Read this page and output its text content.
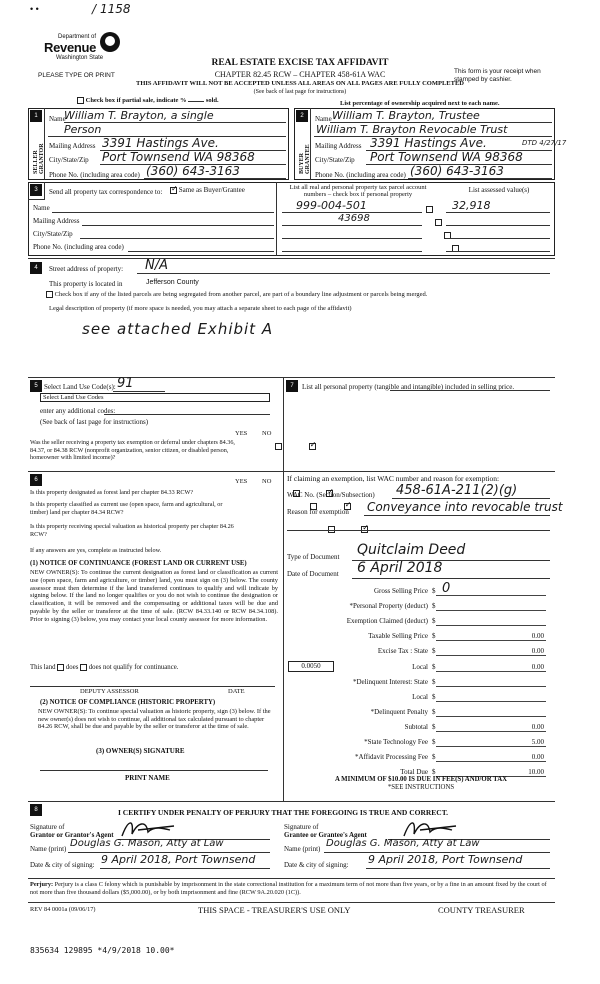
• •	/ 1158
Department of
Revenue
Washington State
PLEASE TYPE OR PRINT
REAL ESTATE EXCISE TAX AFFIDAVIT
CHAPTER 82.45 RCW – CHAPTER 458-61A WAC
THIS AFFIDAVIT WILL NOT BE ACCEPTED UNLESS ALL AREAS ON ALL PAGES ARE FULLY COMPLETED
(See back of last page for instructions)
This form is your receipt when stamped by cashier.
Check box if partial sale, indicate %	sold.	List percentage of ownership acquired next to each name.
1
SELLER GRANTOR
Name
William T. Brayton, a single
Person
Mailing Address 3391 Hastings Ave.
City/State/Zip Port Townsend WA 98368
Phone No. (including area code) (360) 643-3163
2
BUYER GRANTEE
Name William T. Brayton, Trustee
William T. Brayton Revocable Trust
Mailing Address 3391 Hastings Ave.	DTD 4/27/17
City/State/Zip Port Townsend WA 98368
Phone No. (including area code) (360) 643-3163
3	Send all property tax correspondence to:
✓	Same as Buyer/Grantee
Name
Mailing Address
City/State/Zip
Phone No. (including area code)
List all real and personal property tax parcel account numbers – check box if personal property
999-004-501
43698

List assessed value(s)
32,918
4	Street address of property: N/A
This property is located in	Jefferson County
Check box if any of the listed parcels are being segregated from another parcel, are part of a boundary line adjustment or parcels being merged.
Legal description of property (if more space is needed, you may attach a separate sheet to each page of the affidavit)
see attached Exhibit A
5 Select Land Use Code(s): 91
Select Land Use Codes
enter any additional codes:
(See back of last page for instructions)
YES NO
Was the seller receiving a property tax exemption or deferral under chapters 84.36, 84.37, or 84.38 RCW (nonprofit organization, senior citizen, or disabled person, homeowner with limited income)?
✓
7	List all personal property (tangible and intangible) included in selling price.
6	YES NO
Is this property designated as forest land per chapter 84.33 RCW?
✓
Is this property classified as current use (open space, farm and agricultural, or timber) land per chapter 84.34 RCW?
✓
Is this property receiving special valuation as historical property per chapter 84.26 RCW?
✓
If any answers are yes, complete as instructed below.
(1) NOTICE OF CONTINUANCE (FOREST LAND OR CURRENT USE)
NEW OWNER(S): To continue the current designation as forest land or classification as current use (open space, farm and agriculture, or timber) land, you must sign on (3) below. The county assessor must then determine if the land transferred continues to qualify and will indicate by signing below. If the land no longer qualifies or you do not wish to continue the designation or classification, it will be removed and the compensating or additional taxes will be due and payable by the seller or transferor at the time of sale. (RCW 84.33.140 or RCW 84.34.108). Prior to signing (3) below, you may contact your local county assessor for more information.
This land does does not qualify for continuance.
DEPUTY ASSESSOR	DATE
(2) NOTICE OF COMPLIANCE (HISTORIC PROPERTY)
NEW OWNER(S): To continue special valuation as historic property, sign (3) below. If the new owner(s) does not wish to continue, all additional tax calculated pursuant to chapter 84.26 RCW, shall be due and payable by the seller or transferor at the time of sale.
(3) OWNER(S) SIGNATURE
PRINT NAME
If claiming an exemption, list WAC number and reason for exemption:
WAC No. (Section/Subsection) 458-61A-211(2)(g)
Reason for exemption Conveyance into revocable trust
Type of Document Quitclaim Deed
Date of Document 6 April 2018
Gross Selling Price $ 0
*Personal Property (deduct) $
Exemption Claimed (deduct) $
Taxable Selling Price $	0.00
Excise Tax : State $	0.00
Local
0.0050	$	0.00
*Delinquent Interest: State $
Local $
*Delinquent Penalty $
Subtotal $	0.00
*State Technology Fee $	5.00
*Affidavit Processing Fee $	0.00
Total Due $	10.00
A MINIMUM OF $10.00 IS DUE IN FEE(S) AND/OR TAX
*SEE INSTRUCTIONS
8	I CERTIFY UNDER PENALTY OF PERJURY THAT THE FOREGOING IS TRUE AND CORRECT.
Signature of
Grantor or Grantor's Agent
Name (print) Douglas G. Mason, Atty at Law
Date & city of signing: 9 April 2018, Port Townsend
Signature of
Grantee or Grantee's Agent
Name (print) Douglas G. Mason, Atty at Law
Date & city of signing: 9 April 2018, Port Townsend
Perjury: Perjury is a class C felony which is punishable by imprisonment in the state correctional institution for a maximum term of not more than five years, or by a fine in an amount fixed by the court of not more than five thousand dollars ($5,000.00), or by both imprisonment and fine (RCW 9A.20.020 (1C)).
REV 84 0001a (09/06/17)	THIS SPACE - TREASURER'S USE ONLY	COUNTY TREASURER
835634 129895 *4/9/2018 10.00*
